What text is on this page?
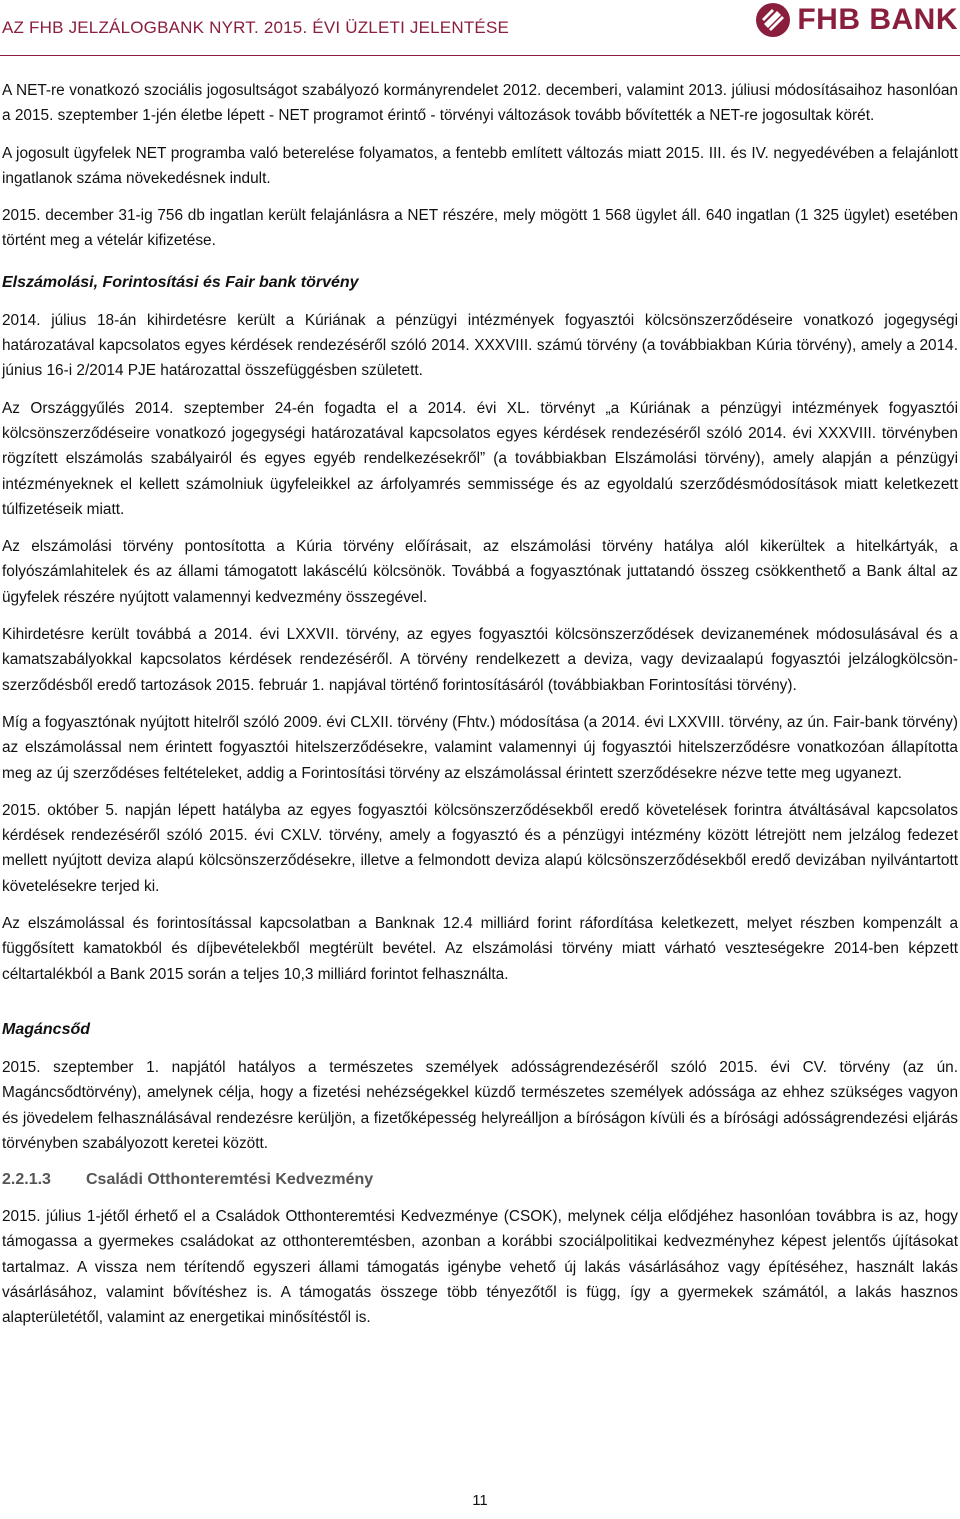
AZ FHB JELZÁLOGBANK NYRT. 2015. ÉVI ÜZLETI JELENTÉSE	FHB BANK

A NET-re vonatkozó szociális jogosultságot szabályozó kormányrendelet 2012. decemberi, valamint 2013. júliusi módosításaihoz hasonlóan a 2015. szeptember 1-jén életbe lépett - NET programot érintő - törvényi változások tovább bővítették a NET-re jogosultak körét.

A jogosult ügyfelek NET programba való beterelése folyamatos, a fentebb említett változás miatt 2015. III. és IV. negyedévében a felajánlott ingatlanok száma növekedésnek indult.

2015. december 31-ig 756 db ingatlan került felajánlásra a NET részére, mely mögött 1 568 ügylet áll. 640 ingatlan (1 325 ügylet) esetében történt meg a vételár kifizetése.

Elszámolási, Forintosítási és Fair bank törvény

2014. július 18-án kihirdetésre került a Kúriának a pénzügyi intézmények fogyasztói kölcsönszerződéseire vonatkozó jogegységi határozatával kapcsolatos egyes kérdések rendezéséről szóló 2014. XXXVIII. számú törvény (a továbbiakban Kúria törvény), amely a 2014. június 16-i 2/2014 PJE határozattal összefüggésben született.

Az Országgyűlés 2014. szeptember 24-én fogadta el a 2014. évi XL. törvényt „a Kúriának a pénzügyi intézmények fogyasztói kölcsönszerződéseire vonatkozó jogegységi határozatával kapcsolatos egyes kérdések rendezéséről szóló 2014. évi XXXVIII. törvényben rögzített elszámolás szabályairól és egyes egyéb rendelkezésekről” (a továbbiakban Elszámolási törvény), amely alapján a pénzügyi intézményeknek el kellett számolniuk ügyfeleikkel az árfolyamrés semmissége és az egyoldalú szerződésmódosítások miatt keletkezett túlfizetéseik miatt.

Az elszámolási törvény pontosította a Kúria törvény előírásait, az elszámolási törvény hatálya alól kikerültek a hitelkártyák, a folyószámlahitelek és az állami támogatott lakáscélú kölcsönök. Továbbá a fogyasztónak juttatandó összeg csökkenthető a Bank által az ügyfelek részére nyújtott valamennyi kedvezmény összegével.

Kihirdetésre került továbbá a 2014. évi LXXVII. törvény, az egyes fogyasztói kölcsönszerződések devizanemének módosulásával és a kamatszabályokkal kapcsolatos kérdések rendezéséről. A törvény rendelkezett a deviza, vagy devizaalapú fogyasztói jelzálogkölcsön-szerződésből eredő tartozások 2015. február 1. napjával történő forintosításáról (továbbiakban Forintosítási törvény).

Míg a fogyasztónak nyújtott hitelről szóló 2009. évi CLXII. törvény (Fhtv.) módosítása (a 2014. évi LXXVIII. törvény, az ún. Fair-bank törvény) az elszámolással nem érintett fogyasztói hitelszerződésekre, valamint valamennyi új fogyasztói hitelszerződésre vonatkozóan állapította meg az új szerződéses feltételeket, addig a Forintosítási törvény az elszámolással érintett szerződésekre nézve tette meg ugyanezt.

2015. október 5. napján lépett hatályba az egyes fogyasztói kölcsönszerződésekből eredő követelések forintra átváltásával kapcsolatos kérdések rendezéséről szóló 2015. évi CXLV. törvény, amely a fogyasztó és a pénzügyi intézmény között létrejött nem jelzálog fedezet mellett nyújtott deviza alapú kölcsönszerződésekre, illetve a felmondott deviza alapú kölcsönszerződésekből eredő devizában nyilvántartott követelésekre terjed ki.

Az elszámolással és forintosítással kapcsolatban a Banknak 12.4 milliárd forint ráfordítása keletkezett, melyet részben kompenzált a függősített kamatokból és díjbevételekből megtérült bevétel. Az elszámolási törvény miatt várható veszteségekre 2014-ben képzett céltartalékból a Bank 2015 során a teljes 10,3 milliárd forintot felhasználta.

Magáncsőd

2015. szeptember 1. napjától hatályos a természetes személyek adósságrendezéséről szóló 2015. évi CV. törvény (az ún. Magáncsődtörvény), amelynek célja, hogy a fizetési nehézségekkel küzdő természetes személyek adóssága az ehhez szükséges vagyon és jövedelem felhasználásával rendezésre kerüljön, a fizetőképesség helyreálljon a bíróságon kívüli és a bírósági adósságrendezési eljárás törvényben szabályozott keretei között.

2.2.1.3 Családi Otthonteremtési Kedvezmény

2015. július 1-jétől érhető el a Családok Otthonteremtési Kedvezménye (CSOK), melynek célja elődjéhez hasonlóan továbbra is az, hogy támogassa a gyermekes családokat az otthonteremtésben, azonban a korábbi szociálpolitikai kedvezményhez képest jelentős újításokat tartalmaz. A vissza nem térítendő egyszeri állami támogatás igénybe vehető új lakás vásárlásához vagy építéséhez, használt lakás vásárlásához, valamint bővítéshez is. A támogatás összege több tényezőtől is függ, így a gyermekek számától, a lakás hasznos alapterületétől, valamint az energetikai minősítéstől is.

11
